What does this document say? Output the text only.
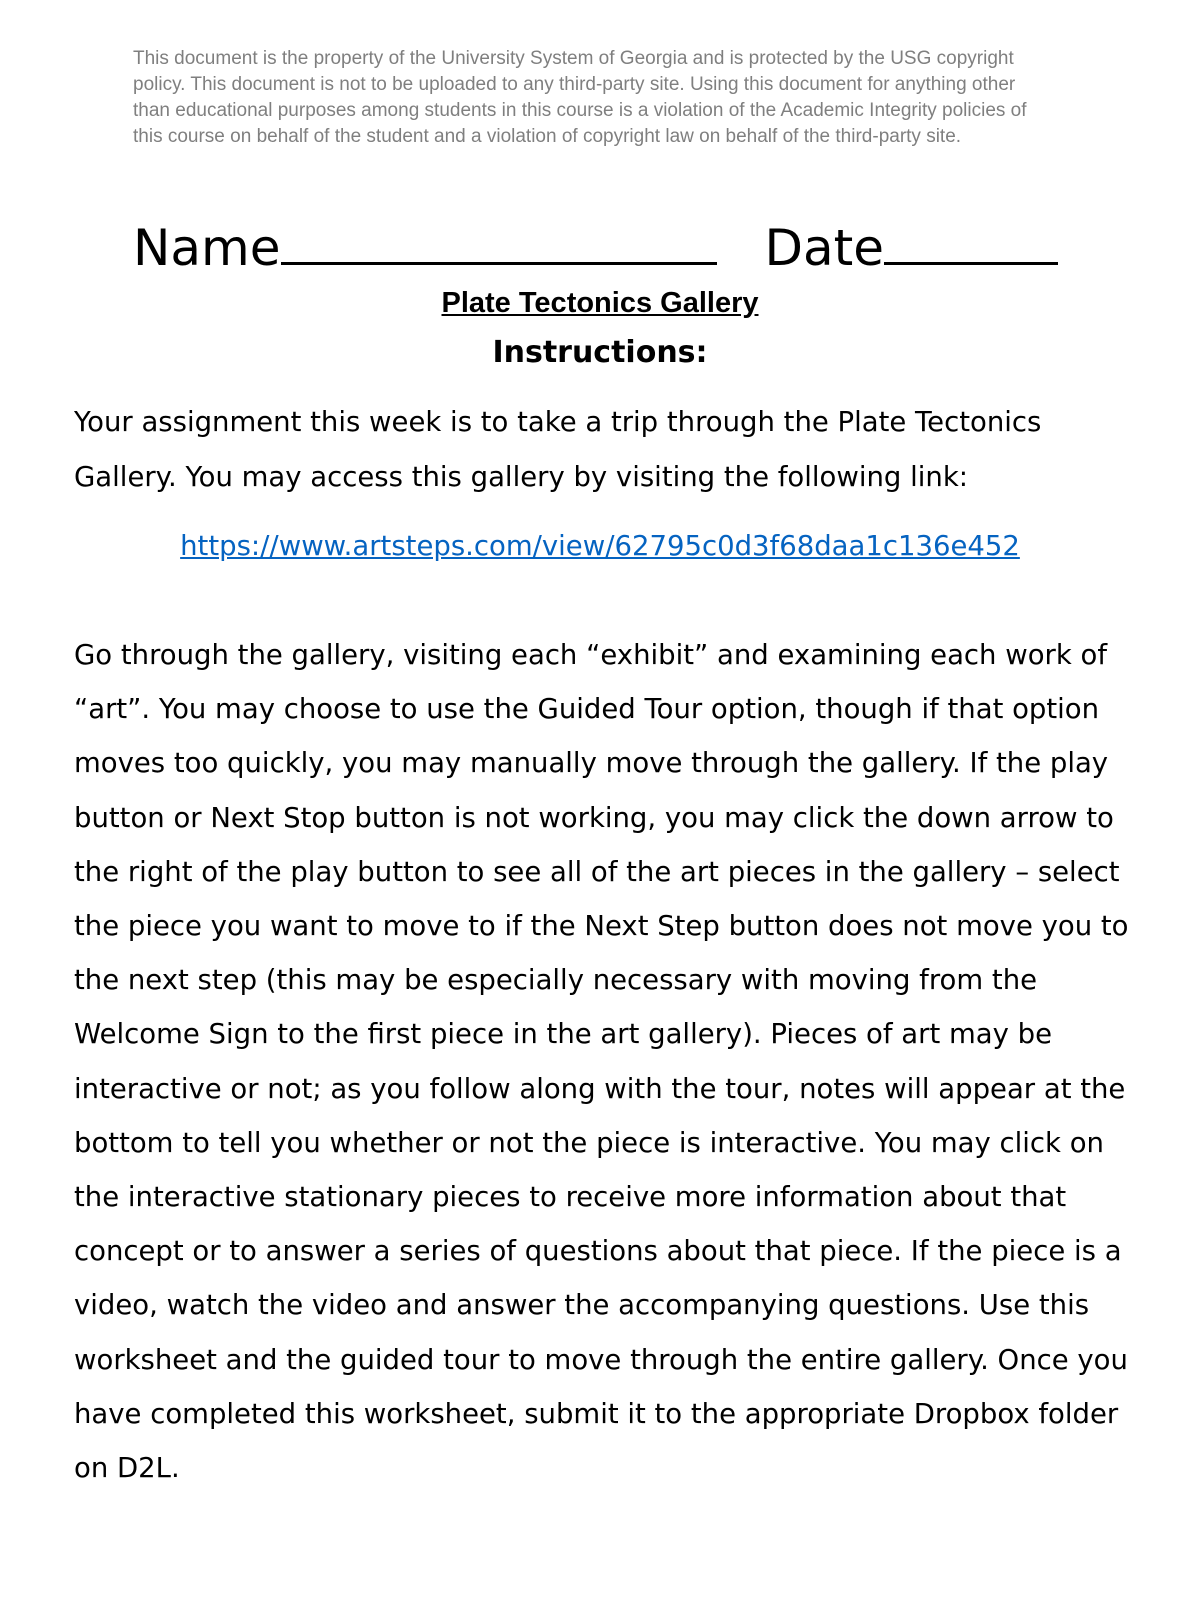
This document is the property of the University System of Georgia and is protected by the USG copyright policy. This document is not to be uploaded to any third-party site. Using this document for anything other than educational purposes among students in this course is a violation of the Academic Integrity policies of this course on behalf of the student and a violation of copyright law on behalf of the third-party site.

Name	Date
Plate Tectonics Gallery
Instructions:

Your assignment this week is to take a trip through the Plate Tectonics Gallery. You may access this gallery by visiting the following link:

https://www.artsteps.com/view/62795c0d3f68daa1c136e452

Go through the gallery, visiting each “exhibit” and examining each work of “art”. You may choose to use the Guided Tour option, though if that option moves too quickly, you may manually move through the gallery. If the play button or Next Stop button is not working, you may click the down arrow to the right of the play button to see all of the art pieces in the gallery – select the piece you want to move to if the Next Step button does not move you to the next step (this may be especially necessary with moving from the Welcome Sign to the first piece in the art gallery). Pieces of art may be interactive or not; as you follow along with the tour, notes will appear at the bottom to tell you whether or not the piece is interactive. You may click on the interactive stationary pieces to receive more information about that concept or to answer a series of questions about that piece. If the piece is a video, watch the video and answer the accompanying questions. Use this worksheet and the guided tour to move through the entire gallery. Once you have completed this worksheet, submit it to the appropriate Dropbox folder on D2L.
